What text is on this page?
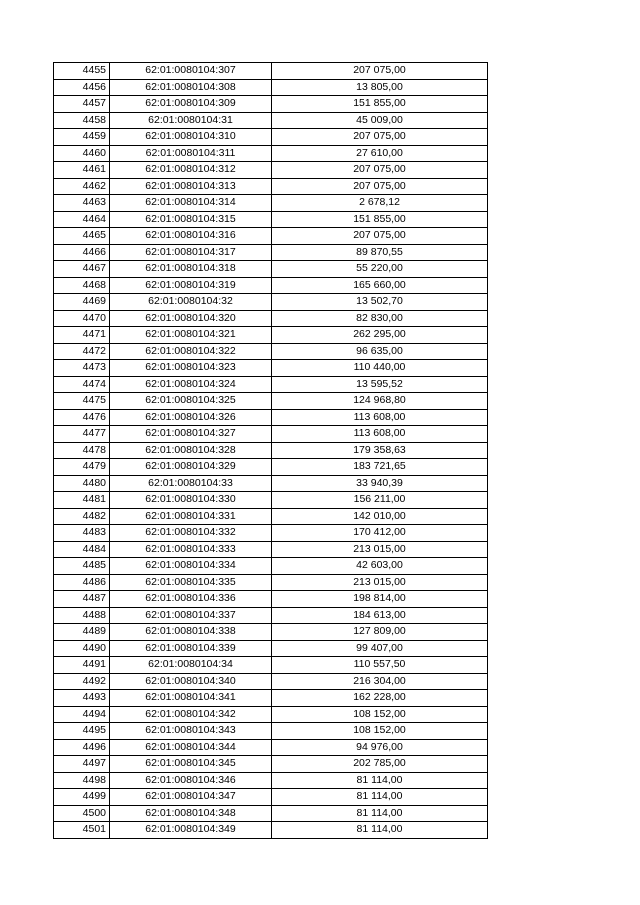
4455	62:01:0080104:307	207 075,00
4456	62:01:0080104:308	13 805,00
4457	62:01:0080104:309	151 855,00
4458	62:01:0080104:31	45 009,00
4459	62:01:0080104:310	207 075,00
4460	62:01:0080104:311	27 610,00
4461	62:01:0080104:312	207 075,00
4462	62:01:0080104:313	207 075,00
4463	62:01:0080104:314	2 678,12
4464	62:01:0080104:315	151 855,00
4465	62:01:0080104:316	207 075,00
4466	62:01:0080104:317	89 870,55
4467	62:01:0080104:318	55 220,00
4468	62:01:0080104:319	165 660,00
4469	62:01:0080104:32	13 502,70
4470	62:01:0080104:320	82 830,00
4471	62:01:0080104:321	262 295,00
4472	62:01:0080104:322	96 635,00
4473	62:01:0080104:323	110 440,00
4474	62:01:0080104:324	13 595,52
4475	62:01:0080104:325	124 968,80
4476	62:01:0080104:326	113 608,00
4477	62:01:0080104:327	113 608,00
4478	62:01:0080104:328	179 358,63
4479	62:01:0080104:329	183 721,65
4480	62:01:0080104:33	33 940,39
4481	62:01:0080104:330	156 211,00
4482	62:01:0080104:331	142 010,00
4483	62:01:0080104:332	170 412,00
4484	62:01:0080104:333	213 015,00
4485	62:01:0080104:334	42 603,00
4486	62:01:0080104:335	213 015,00
4487	62:01:0080104:336	198 814,00
4488	62:01:0080104:337	184 613,00
4489	62:01:0080104:338	127 809,00
4490	62:01:0080104:339	99 407,00
4491	62:01:0080104:34	110 557,50
4492	62:01:0080104:340	216 304,00
4493	62:01:0080104:341	162 228,00
4494	62:01:0080104:342	108 152,00
4495	62:01:0080104:343	108 152,00
4496	62:01:0080104:344	94 976,00
4497	62:01:0080104:345	202 785,00
4498	62:01:0080104:346	81 114,00
4499	62:01:0080104:347	81 114,00
4500	62:01:0080104:348	81 114,00
4501	62:01:0080104:349	81 114,00
